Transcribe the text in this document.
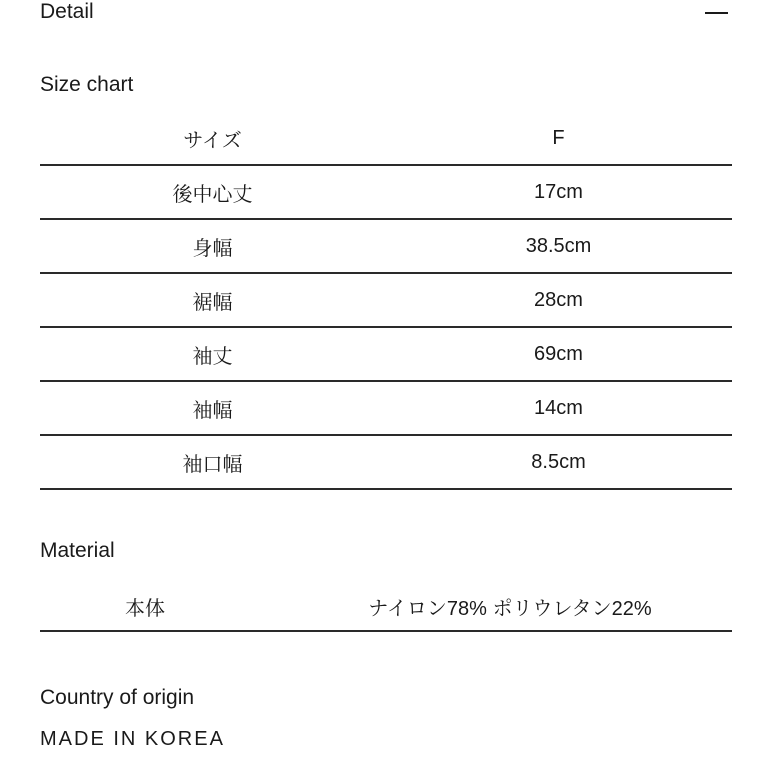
Detail
Size chart
サイズ	F
後中心丈	17cm
身幅	38.5cm
裾幅	28cm
袖丈	69cm
袖幅	14cm
袖口幅	8.5cm
Material
本体	ナイロン78% ポリウレタン22%
Country of origin
MADE IN KOREA
